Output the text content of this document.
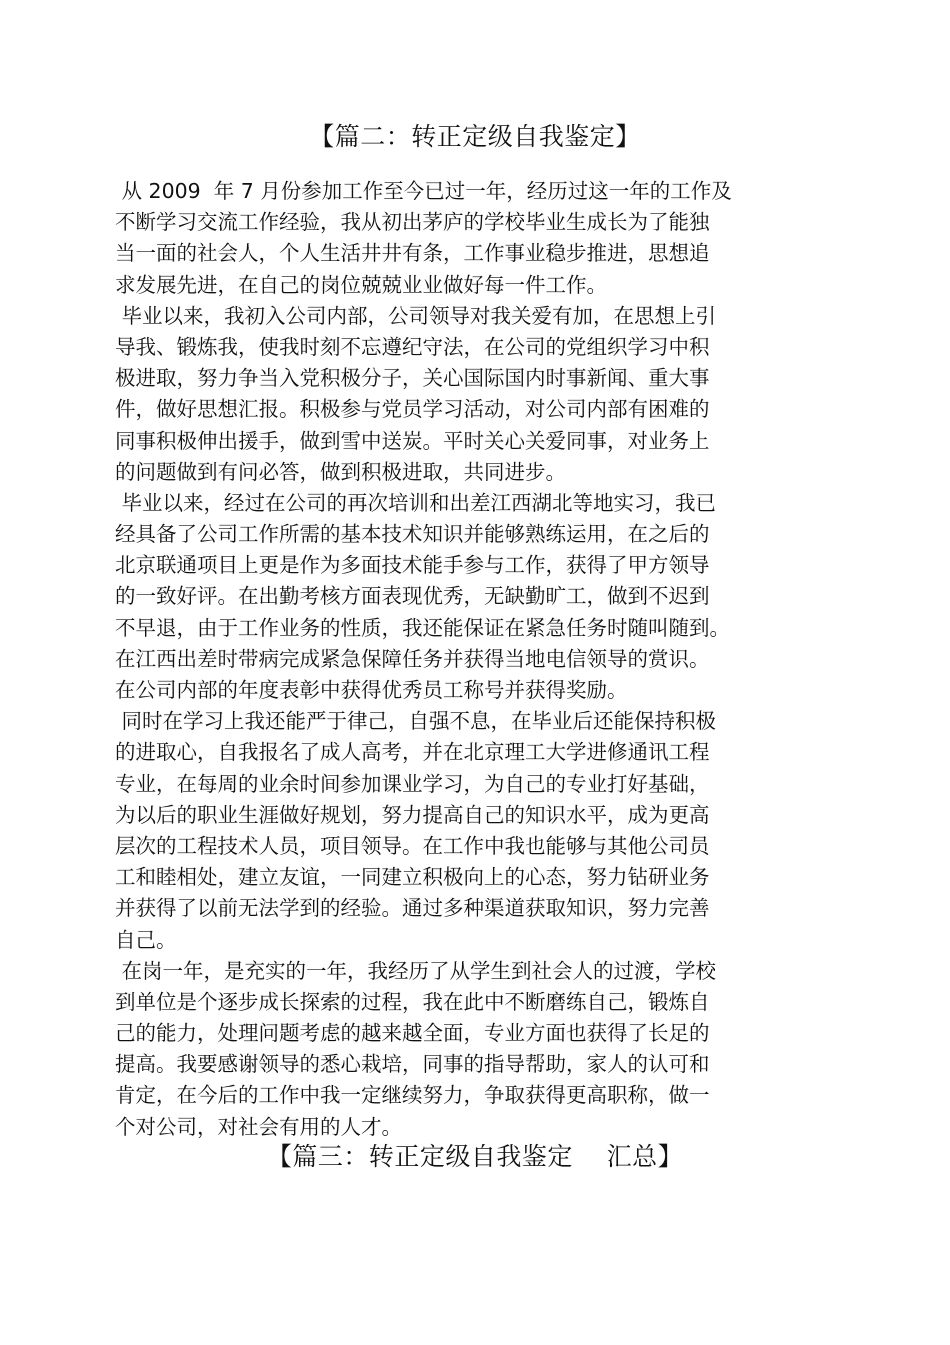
【篇二：转正定级自我鉴定】
从 2009  年 7 月份参加工作至今已过一年，经历过这一年的工作及
不断学习交流工作经验，我从初出茅庐的学校毕业生成长为了能独
当一面的社会人，个人生活井井有条，工作事业稳步推进，思想追
求发展先进，在自己的岗位兢兢业业做好每一件工作。
毕业以来，我初入公司内部，公司领导对我关爱有加，在思想上引
导我、锻炼我，使我时刻不忘遵纪守法，在公司的党组织学习中积
极进取，努力争当入党积极分子，关心国际国内时事新闻、重大事
件，做好思想汇报。积极参与党员学习活动，对公司内部有困难的
同事积极伸出援手，做到雪中送炭。平时关心关爱同事，对业务上
的问题做到有问必答，做到积极进取，共同进步。
毕业以来，经过在公司的再次培训和出差江西湖北等地实习，我已
经具备了公司工作所需的基本技术知识并能够熟练运用，在之后的
北京联通项目上更是作为多面技术能手参与工作，获得了甲方领导
的一致好评。在出勤考核方面表现优秀，无缺勤旷工，做到不迟到
不早退，由于工作业务的性质，我还能保证在紧急任务时随叫随到。
在江西出差时带病完成紧急保障任务并获得当地电信领导的赏识。
在公司内部的年度表彰中获得优秀员工称号并获得奖励。
同时在学习上我还能严于律己，自强不息，在毕业后还能保持积极
的进取心，自我报名了成人高考，并在北京理工大学进修通讯工程
专业，在每周的业余时间参加课业学习，为自己的专业打好基础，
为以后的职业生涯做好规划，努力提高自己的知识水平，成为更高
层次的工程技术人员，项目领导。在工作中我也能够与其他公司员
工和睦相处，建立友谊，一同建立积极向上的心态，努力钻研业务
并获得了以前无法学到的经验。通过多种渠道获取知识，努力完善
自己。
在岗一年，是充实的一年，我经历了从学生到社会人的过渡，学校
到单位是个逐步成长探索的过程，我在此中不断磨练自己，锻炼自
己的能力，处理问题考虑的越来越全面，专业方面也获得了长足的
提高。我要感谢领导的悉心栽培，同事的指导帮助，家人的认可和
肯定，在今后的工作中我一定继续努力，争取获得更高职称，做一
个对公司，对社会有用的人才。
【篇三：转正定级自我鉴定    汇总】
